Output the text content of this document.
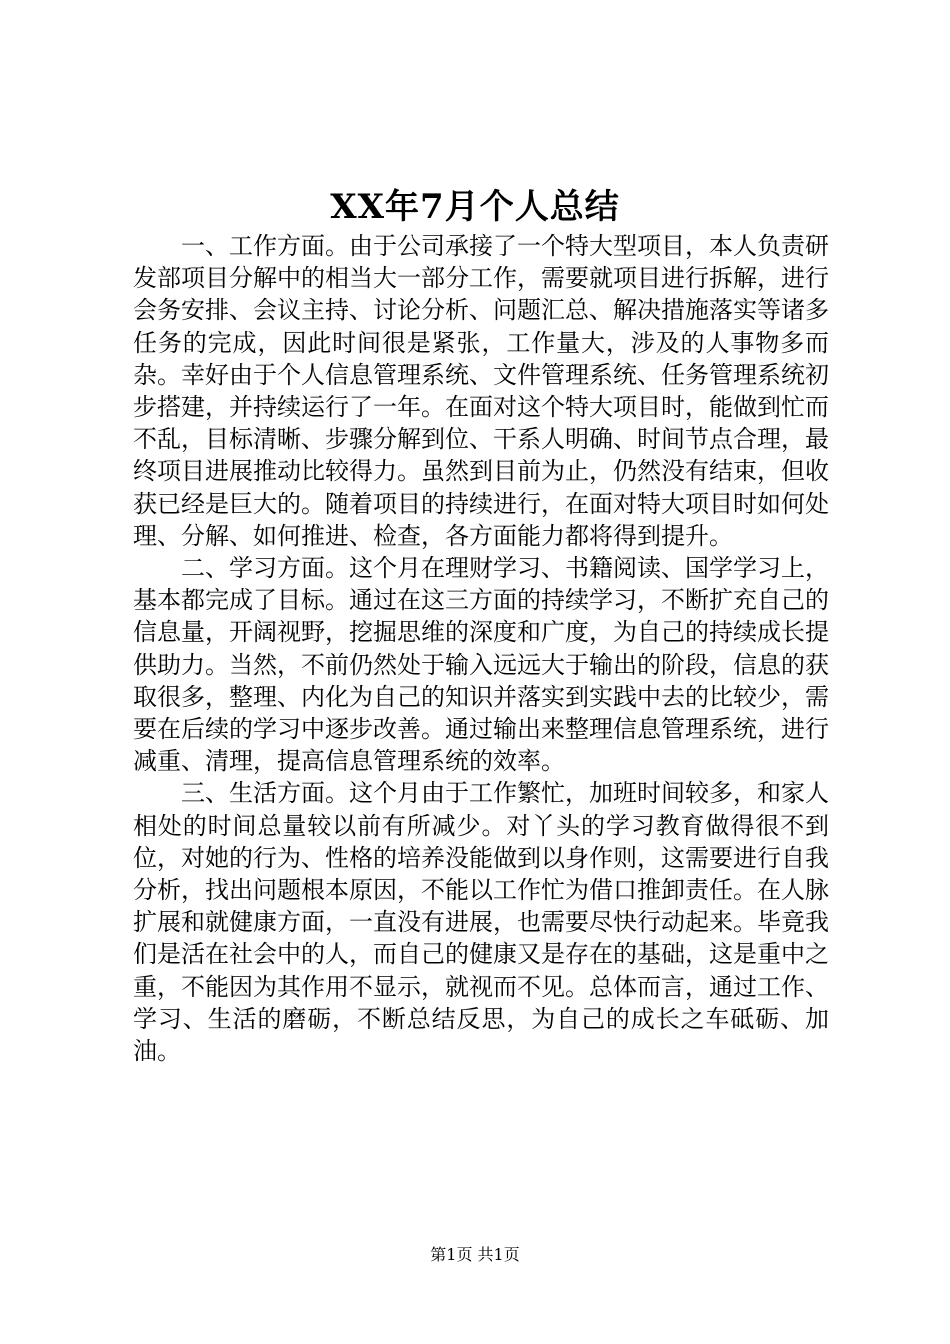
XX年7月个人总结

一、工作方面。由于公司承接了一个特大型项目，本人负责研发部项目分解中的相当大一部分工作，需要就项目进行拆解，进行会务安排、会议主持、讨论分析、问题汇总、解决措施落实等诸多任务的完成，因此时间很是紧张，工作量大，涉及的人事物多而杂。幸好由于个人信息管理系统、文件管理系统、任务管理系统初步搭建，并持续运行了一年。在面对这个特大项目时，能做到忙而不乱，目标清晰、步骤分解到位、干系人明确、时间节点合理，最终项目进展推动比较得力。虽然到目前为止，仍然没有结束，但收获已经是巨大的。随着项目的持续进行，在面对特大项目时如何处理、分解、如何推进、检查，各方面能力都将得到提升。

二、学习方面。这个月在理财学习、书籍阅读、国学学习上，基本都完成了目标。通过在这三方面的持续学习，不断扩充自己的信息量，开阔视野，挖掘思维的深度和广度，为自己的持续成长提供助力。当然，不前仍然处于输入远远大于输出的阶段，信息的获取很多，整理、内化为自己的知识并落实到实践中去的比较少，需要在后续的学习中逐步改善。通过输出来整理信息管理系统，进行减重、清理，提高信息管理系统的效率。

三、生活方面。这个月由于工作繁忙，加班时间较多，和家人相处的时间总量较以前有所减少。对丫头的学习教育做得很不到位，对她的行为、性格的培养没能做到以身作则，这需要进行自我分析，找出问题根本原因，不能以工作忙为借口推卸责任。在人脉扩展和就健康方面，一直没有进展，也需要尽快行动起来。毕竟我们是活在社会中的人，而自己的健康又是存在的基础，这是重中之重，不能因为其作用不显示，就视而不见。总体而言，通过工作、学习、生活的磨砺，不断总结反思，为自己的成长之车砥砺、加油。

第1页 共1页
